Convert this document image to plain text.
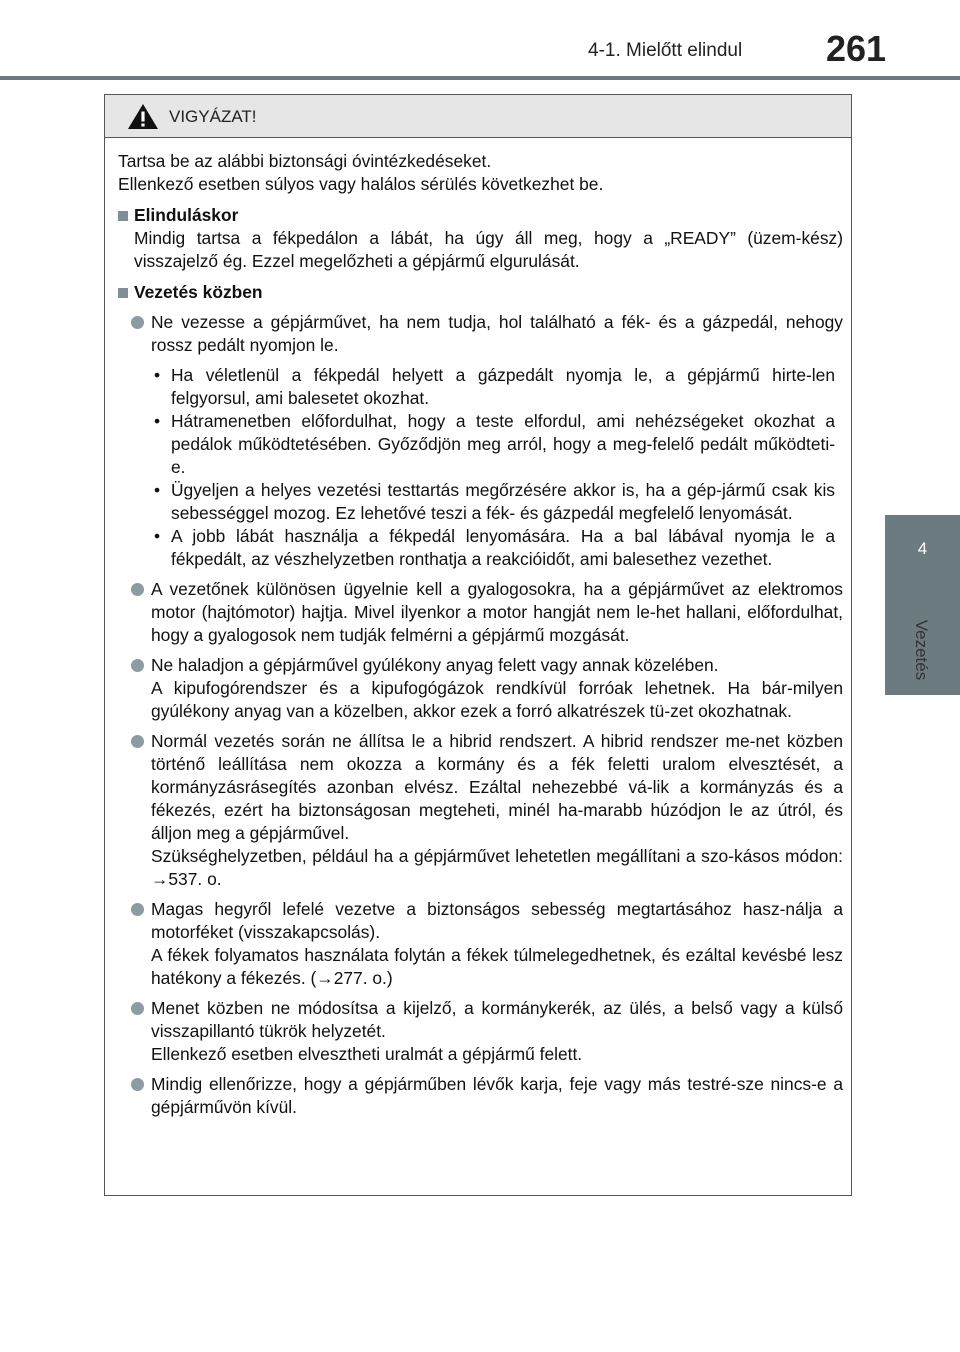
4-1. Mielőtt elindul 261
4
Vezetés
VIGYÁZAT!

Tartsa be az alábbi biztonsági óvintézkedéseket.

Ellenkező esetben súlyos vagy halálos sérülés következhet be.

Elinduláskor

Mindig tartsa a fékpedálon a lábát, ha úgy áll meg, hogy a „READY” (üzem-kész) visszajelző ég. Ezzel megelőzheti a gépjármű elgurulását.

Vezetés közben

Ne vezesse a gépjárművet, ha nem tudja, hol található a fék- és a gázpedál, nehogy rossz pedált nyomjon le.

• Ha véletlenül a fékpedál helyett a gázpedált nyomja le, a gépjármű hirte-len felgyorsul, ami balesetet okozhat.
• Hátramenetben előfordulhat, hogy a teste elfordul, ami nehézségeket okozhat a pedálok működtetésében. Győződjön meg arról, hogy a meg-felelő pedált működteti-e.
• Ügyeljen a helyes vezetési testtartás megőrzésére akkor is, ha a gép-jármű csak kis sebességgel mozog. Ez lehetővé teszi a fék- és gázpedál megfelelő lenyomását.
• A jobb lábát használja a fékpedál lenyomására. Ha a bal lábával nyomja le a fékpedált, az vészhelyzetben ronthatja a reakcióidőt, ami balesethez vezethet.

A vezetőnek különösen ügyelnie kell a gyalogosokra, ha a gépjárművet az elektromos motor (hajtómotor) hajtja. Mivel ilyenkor a motor hangját nem le-het hallani, előfordulhat, hogy a gyalogosok nem tudják felmérni a gépjármű mozgását.

Ne haladjon a gépjárművel gyúlékony anyag felett vagy annak közelében.

A kipufogórendszer és a kipufogógázok rendkívül forróak lehetnek. Ha bár-milyen gyúlékony anyag van a közelben, akkor ezek a forró alkatrészek tü-zet okozhatnak.

Normál vezetés során ne állítsa le a hibrid rendszert. A hibrid rendszer me-net közben történő leállítása nem okozza a kormány és a fék feletti uralom elvesztését, a kormányzásrásegítés azonban elvész. Ezáltal nehezebbé vá-lik a kormányzás és a fékezés, ezért ha biztonságosan megteheti, minél ha-marabb húzódjon le az útról, és álljon meg a gépjárművel.

Szükséghelyzetben, például ha a gépjárművet lehetetlen megállítani a szo-kásos módon: →537. o.

Magas hegyről lefelé vezetve a biztonságos sebesség megtartásához hasz-nálja a motorféket (visszakapcsolás).

A fékek folyamatos használata folytán a fékek túlmelegedhetnek, és ezáltal kevésbé lesz hatékony a fékezés. (→277. o.)

Menet közben ne módosítsa a kijelző, a kormánykerék, az ülés, a belső vagy a külső visszapillantó tükrök helyzetét.

Ellenkező esetben elvesztheti uralmát a gépjármű felett.

Mindig ellenőrizze, hogy a gépjárműben lévők karja, feje vagy más testré-sze nincs-e a gépjárművön kívül.
